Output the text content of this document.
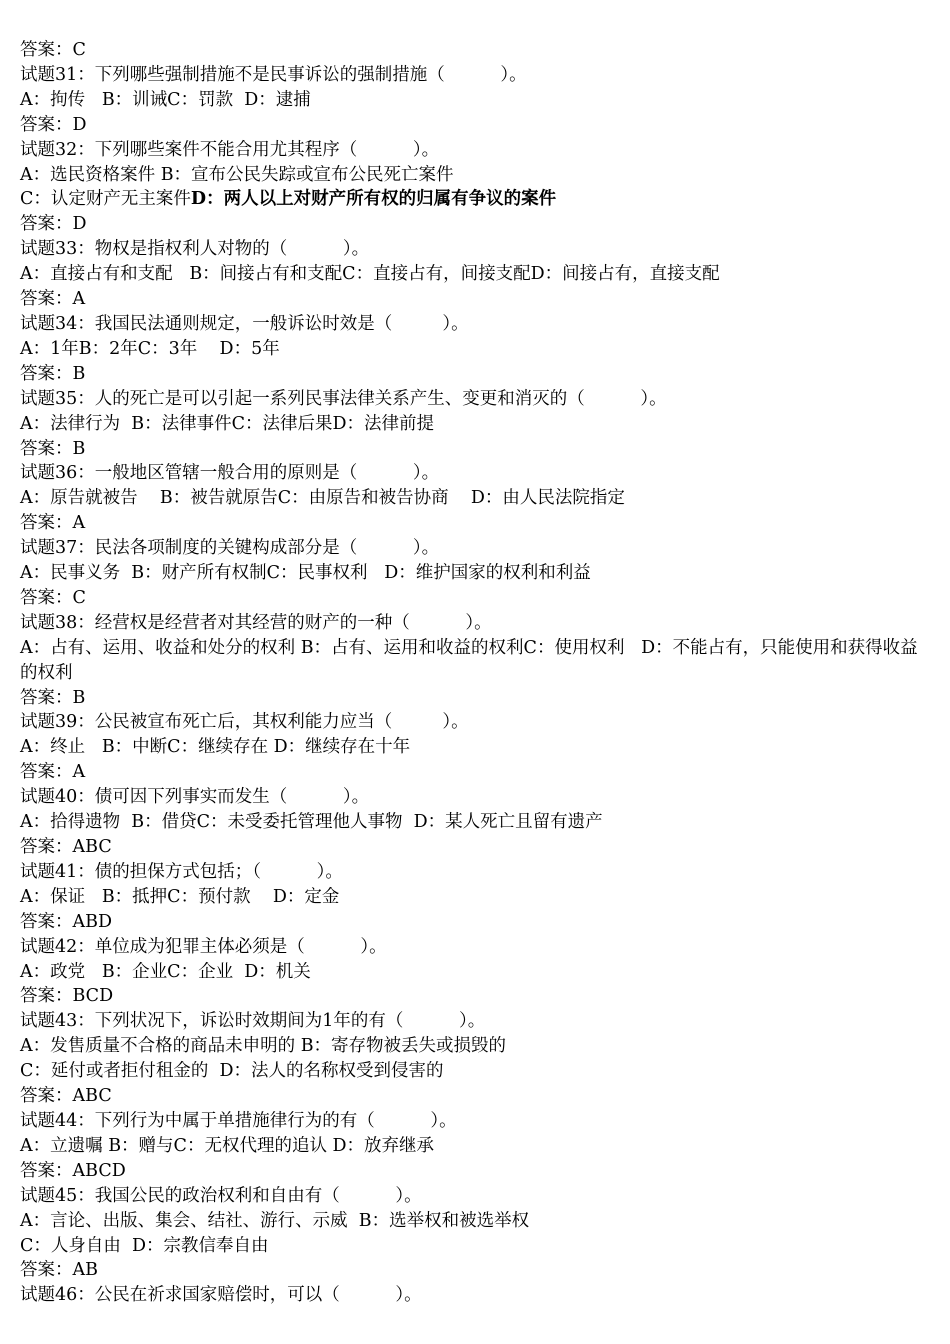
答案：C

试题31：下列哪些强制措施不是民事诉讼的强制措施（          ）。

A：拘传   B：训诫C：罚款  D：逮捕

答案：D

试题32：下列哪些案件不能合用尤其程序（          ）。

A：选民资格案件 B：宣布公民失踪或宣布公民死亡案件

C：认定财产无主案件D：两人以上对财产所有权的归属有争议的案件

答案：D

试题33：物权是指权利人对物的（          ）。

A：直接占有和支配   B：间接占有和支配C：直接占有，间接支配D：间接占有，直接支配

答案：A

试题34：我国民法通则规定，一般诉讼时效是（         ）。

A：1年B：2年C：3年    D：5年

答案：B

试题35：人的死亡是可以引起一系列民事法律关系产生、变更和消灭的（          ）。

A：法律行为  B：法律事件C：法律后果D：法律前提

答案：B

试题36：一般地区管辖一般合用的原则是（          ）。

A：原告就被告    B：被告就原告C：由原告和被告协商    D：由人民法院指定

答案：A

试题37：民法各项制度的关键构成部分是（          ）。

A：民事义务  B：财产所有权制C：民事权利   D：维护国家的权利和利益

答案：C

试题38：经营权是经营者对其经营的财产的一种（          ）。

A：占有、运用、收益和处分的权利 B：占有、运用和收益的权利C：使用权利   D：不能占有，只能使用和获得收益的权利

答案：B

试题39：公民被宣布死亡后，其权利能力应当（         ）。

A：终止   B：中断C：继续存在 D：继续存在十年

答案：A

试题40：债可因下列事实而发生（          ）。

A：拾得遗物  B：借贷C：未受委托管理他人事物  D：某人死亡且留有遗产

答案：ABC

试题41：债的担保方式包括；（          ）。

A：保证   B：抵押C：预付款    D：定金

答案：ABD

试题42：单位成为犯罪主体必须是（          ）。

A：政党   B：企业C：企业  D：机关

答案：BCD

试题43：下列状况下，诉讼时效期间为1年的有（          ）。

A：发售质量不合格的商品未申明的 B：寄存物被丢失或损毁的

C：延付或者拒付租金的  D：法人的名称权受到侵害的

答案：ABC

试题44：下列行为中属于单措施律行为的有（          ）。

A：立遗嘱 B：赠与C：无权代理的追认 D：放弃继承

答案：ABCD

试题45：我国公民的政治权利和自由有（          ）。

A：言论、出版、集会、结社、游行、示威  B：选举权和被选举权

C：人身自由  D：宗教信奉自由

答案：AB

试题46：公民在祈求国家赔偿时，可以（          ）。
